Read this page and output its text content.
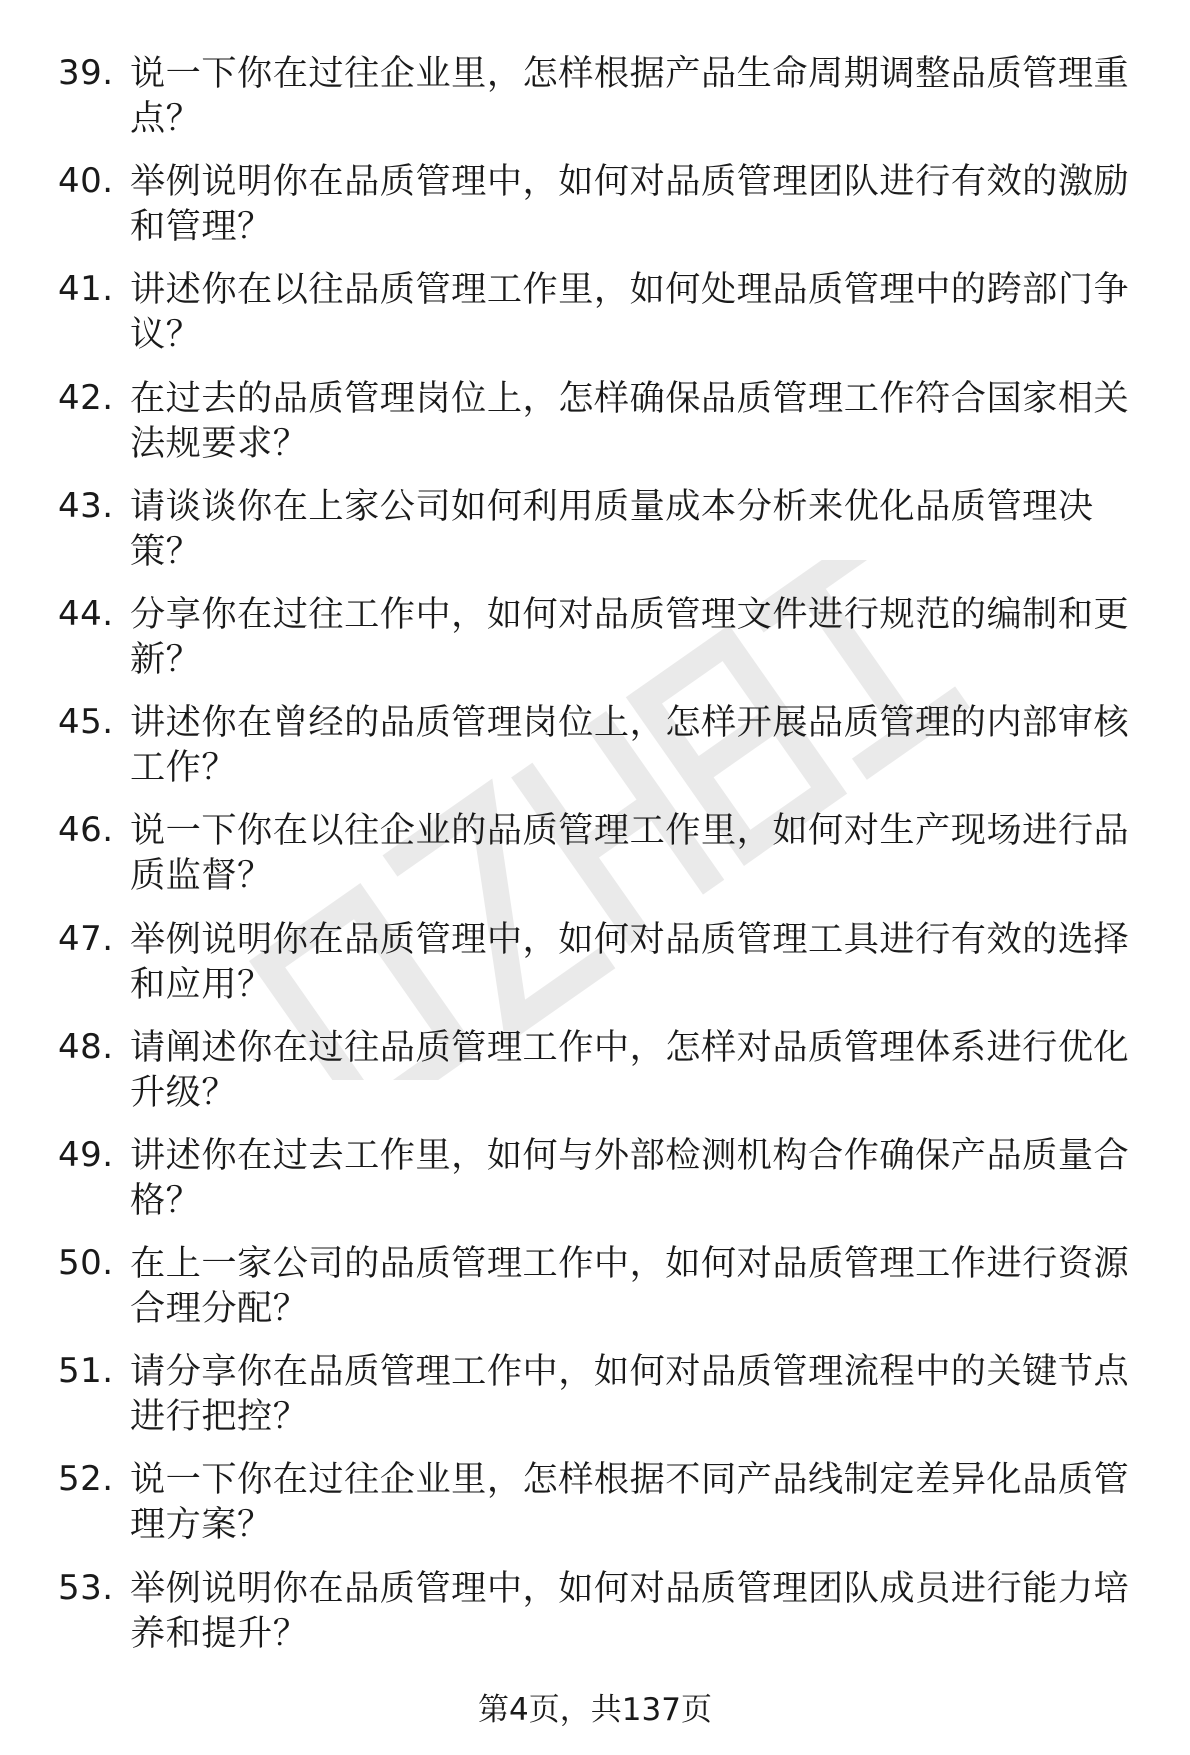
39. 说一下你在过往企业里，怎样根据产品生命周期调整品质管理重
点？
40. 举例说明你在品质管理中，如何对品质管理团队进行有效的激励
和管理？
41. 讲述你在以往品质管理工作里，如何处理品质管理中的跨部门争
议？
42. 在过去的品质管理岗位上，怎样确保品质管理工作符合国家相关
法规要求？
43. 请谈谈你在上家公司如何利用质量成本分析来优化品质管理决
策？
44. 分享你在过往工作中，如何对品质管理文件进行规范的编制和更
新？
45. 讲述你在曾经的品质管理岗位上，怎样开展品质管理的内部审核
工作？
46. 说一下你在以往企业的品质管理工作里，如何对生产现场进行品
质监督？
47. 举例说明你在品质管理中，如何对品质管理工具进行有效的选择
和应用？
48. 请阐述你在过往品质管理工作中，怎样对品质管理体系进行优化
升级？
49. 讲述你在过去工作里，如何与外部检测机构合作确保产品质量合
格？
50. 在上一家公司的品质管理工作中，如何对品质管理工作进行资源
合理分配？
51. 请分享你在品质管理工作中，如何对品质管理流程中的关键节点
进行把控？
52. 说一下你在过往企业里，怎样根据不同产品线制定差异化品质管
理方案？
53. 举例说明你在品质管理中，如何对品质管理团队成员进行能力培
养和提升？
第4页，共137页
